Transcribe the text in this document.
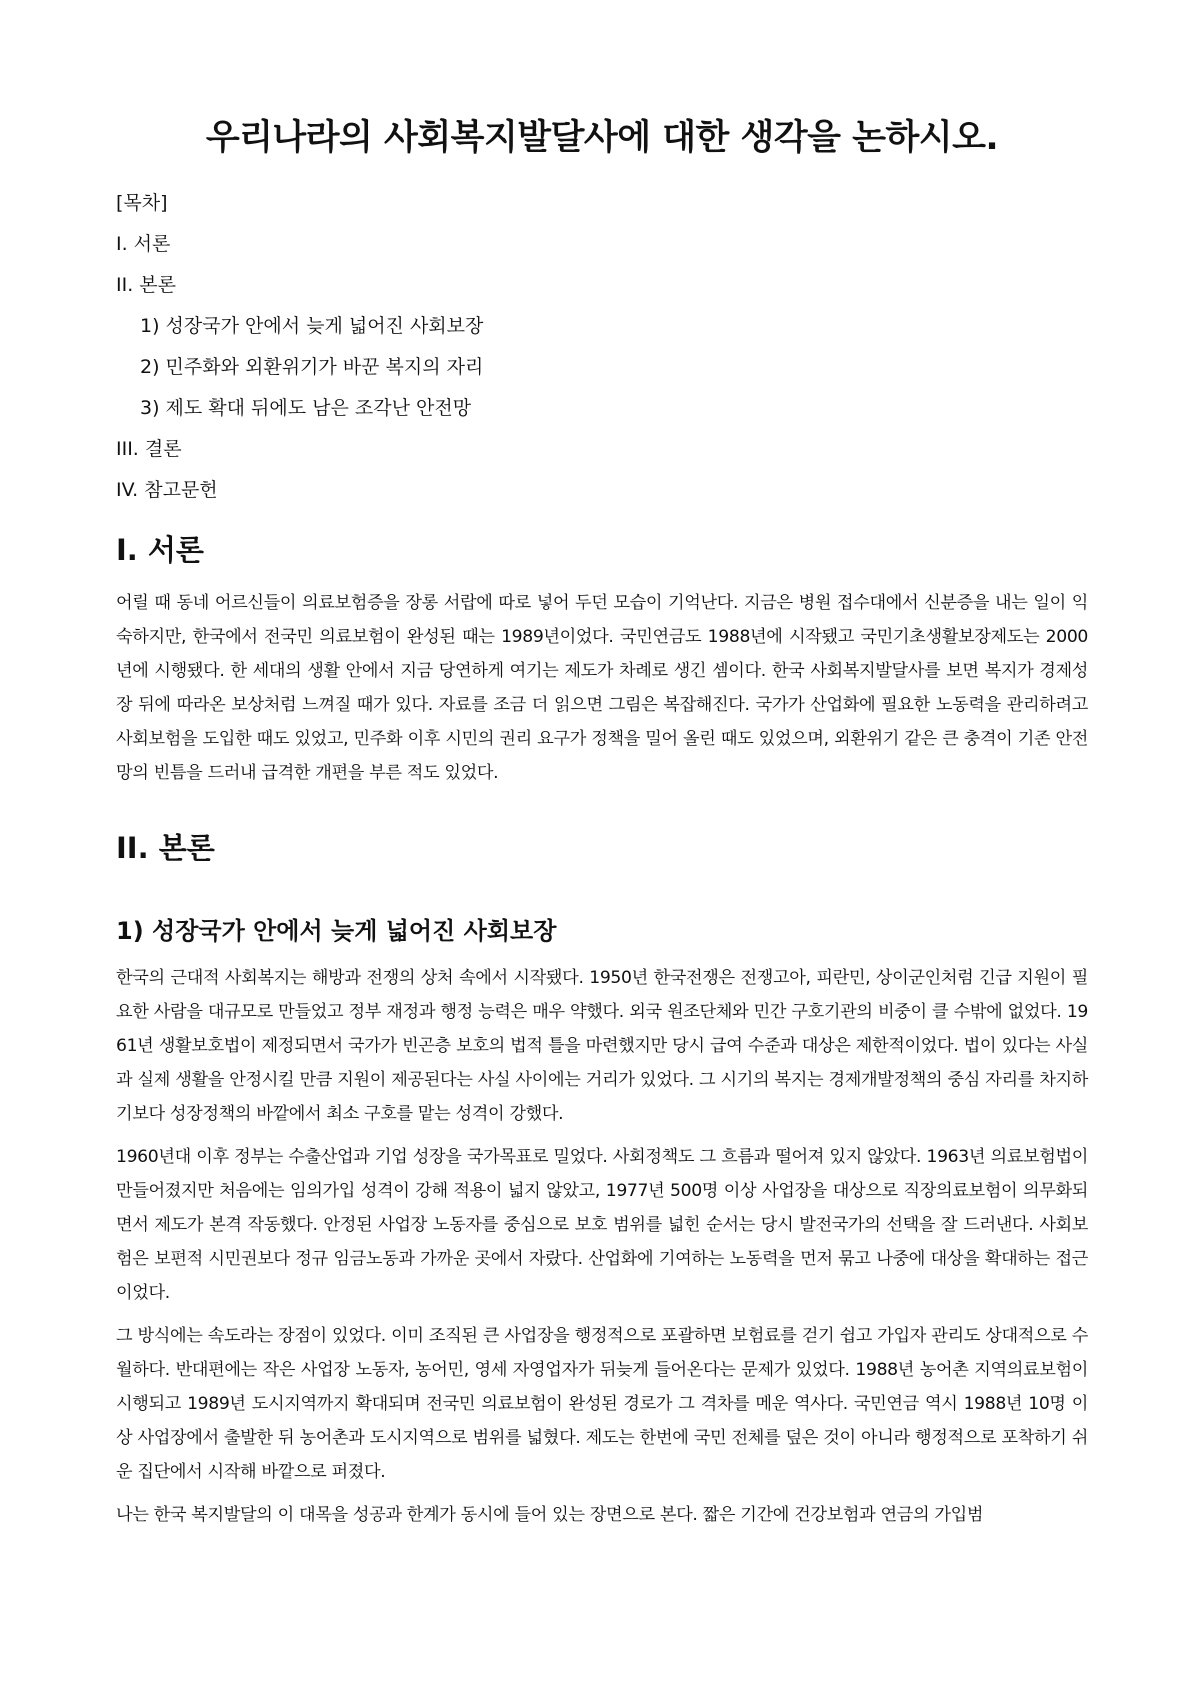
우리나라의 사회복지발달사에 대한 생각을 논하시오.
[목차]
I. 서론
II. 본론
1) 성장국가 안에서 늦게 넓어진 사회보장
2) 민주화와 외환위기가 바꾼 복지의 자리
3) 제도 확대 뒤에도 남은 조각난 안전망
III. 결론
IV. 참고문헌
I. 서론

어릴 때 동네 어르신들이 의료보험증을 장롱 서랍에 따로 넣어 두던 모습이 기억난다. 지금은 병원 접수대에서 신분증을 내는 일이 익숙하지만, 한국에서 전국민 의료보험이 완성된 때는 1989년이었다. 국민연금도 1988년에 시작됐고 국민기초생활보장제도는 2000년에 시행됐다. 한 세대의 생활 안에서 지금 당연하게 여기는 제도가 차례로 생긴 셈이다. 한국 사회복지발달사를 보면 복지가 경제성장 뒤에 따라온 보상처럼 느껴질 때가 있다. 자료를 조금 더 읽으면 그림은 복잡해진다. 국가가 산업화에 필요한 노동력을 관리하려고 사회보험을 도입한 때도 있었고, 민주화 이후 시민의 권리 요구가 정책을 밀어 올린 때도 있었으며, 외환위기 같은 큰 충격이 기존 안전망의 빈틈을 드러내 급격한 개편을 부른 적도 있었다.

II. 본론
1) 성장국가 안에서 늦게 넓어진 사회보장

한국의 근대적 사회복지는 해방과 전쟁의 상처 속에서 시작됐다. 1950년 한국전쟁은 전쟁고아, 피란민, 상이군인처럼 긴급 지원이 필요한 사람을 대규모로 만들었고 정부 재정과 행정 능력은 매우 약했다. 외국 원조단체와 민간 구호기관의 비중이 클 수밖에 없었다. 1961년 생활보호법이 제정되면서 국가가 빈곤층 보호의 법적 틀을 마련했지만 당시 급여 수준과 대상은 제한적이었다. 법이 있다는 사실과 실제 생활을 안정시킬 만큼 지원이 제공된다는 사실 사이에는 거리가 있었다. 그 시기의 복지는 경제개발정책의 중심 자리를 차지하기보다 성장정책의 바깥에서 최소 구호를 맡는 성격이 강했다.

1960년대 이후 정부는 수출산업과 기업 성장을 국가목표로 밀었다. 사회정책도 그 흐름과 떨어져 있지 않았다. 1963년 의료보험법이 만들어졌지만 처음에는 임의가입 성격이 강해 적용이 넓지 않았고, 1977년 500명 이상 사업장을 대상으로 직장의료보험이 의무화되면서 제도가 본격 작동했다. 안정된 사업장 노동자를 중심으로 보호 범위를 넓힌 순서는 당시 발전국가의 선택을 잘 드러낸다. 사회보험은 보편적 시민권보다 정규 임금노동과 가까운 곳에서 자랐다. 산업화에 기여하는 노동력을 먼저 묶고 나중에 대상을 확대하는 접근이었다.

그 방식에는 속도라는 장점이 있었다. 이미 조직된 큰 사업장을 행정적으로 포괄하면 보험료를 걷기 쉽고 가입자 관리도 상대적으로 수월하다. 반대편에는 작은 사업장 노동자, 농어민, 영세 자영업자가 뒤늦게 들어온다는 문제가 있었다. 1988년 농어촌 지역의료보험이 시행되고 1989년 도시지역까지 확대되며 전국민 의료보험이 완성된 경로가 그 격차를 메운 역사다. 국민연금 역시 1988년 10명 이상 사업장에서 출발한 뒤 농어촌과 도시지역으로 범위를 넓혔다. 제도는 한번에 국민 전체를 덮은 것이 아니라 행정적으로 포착하기 쉬운 집단에서 시작해 바깥으로 퍼졌다.

나는 한국 복지발달의 이 대목을 성공과 한계가 동시에 들어 있는 장면으로 본다. 짧은 기간에 건강보험과 연금의 가입범
